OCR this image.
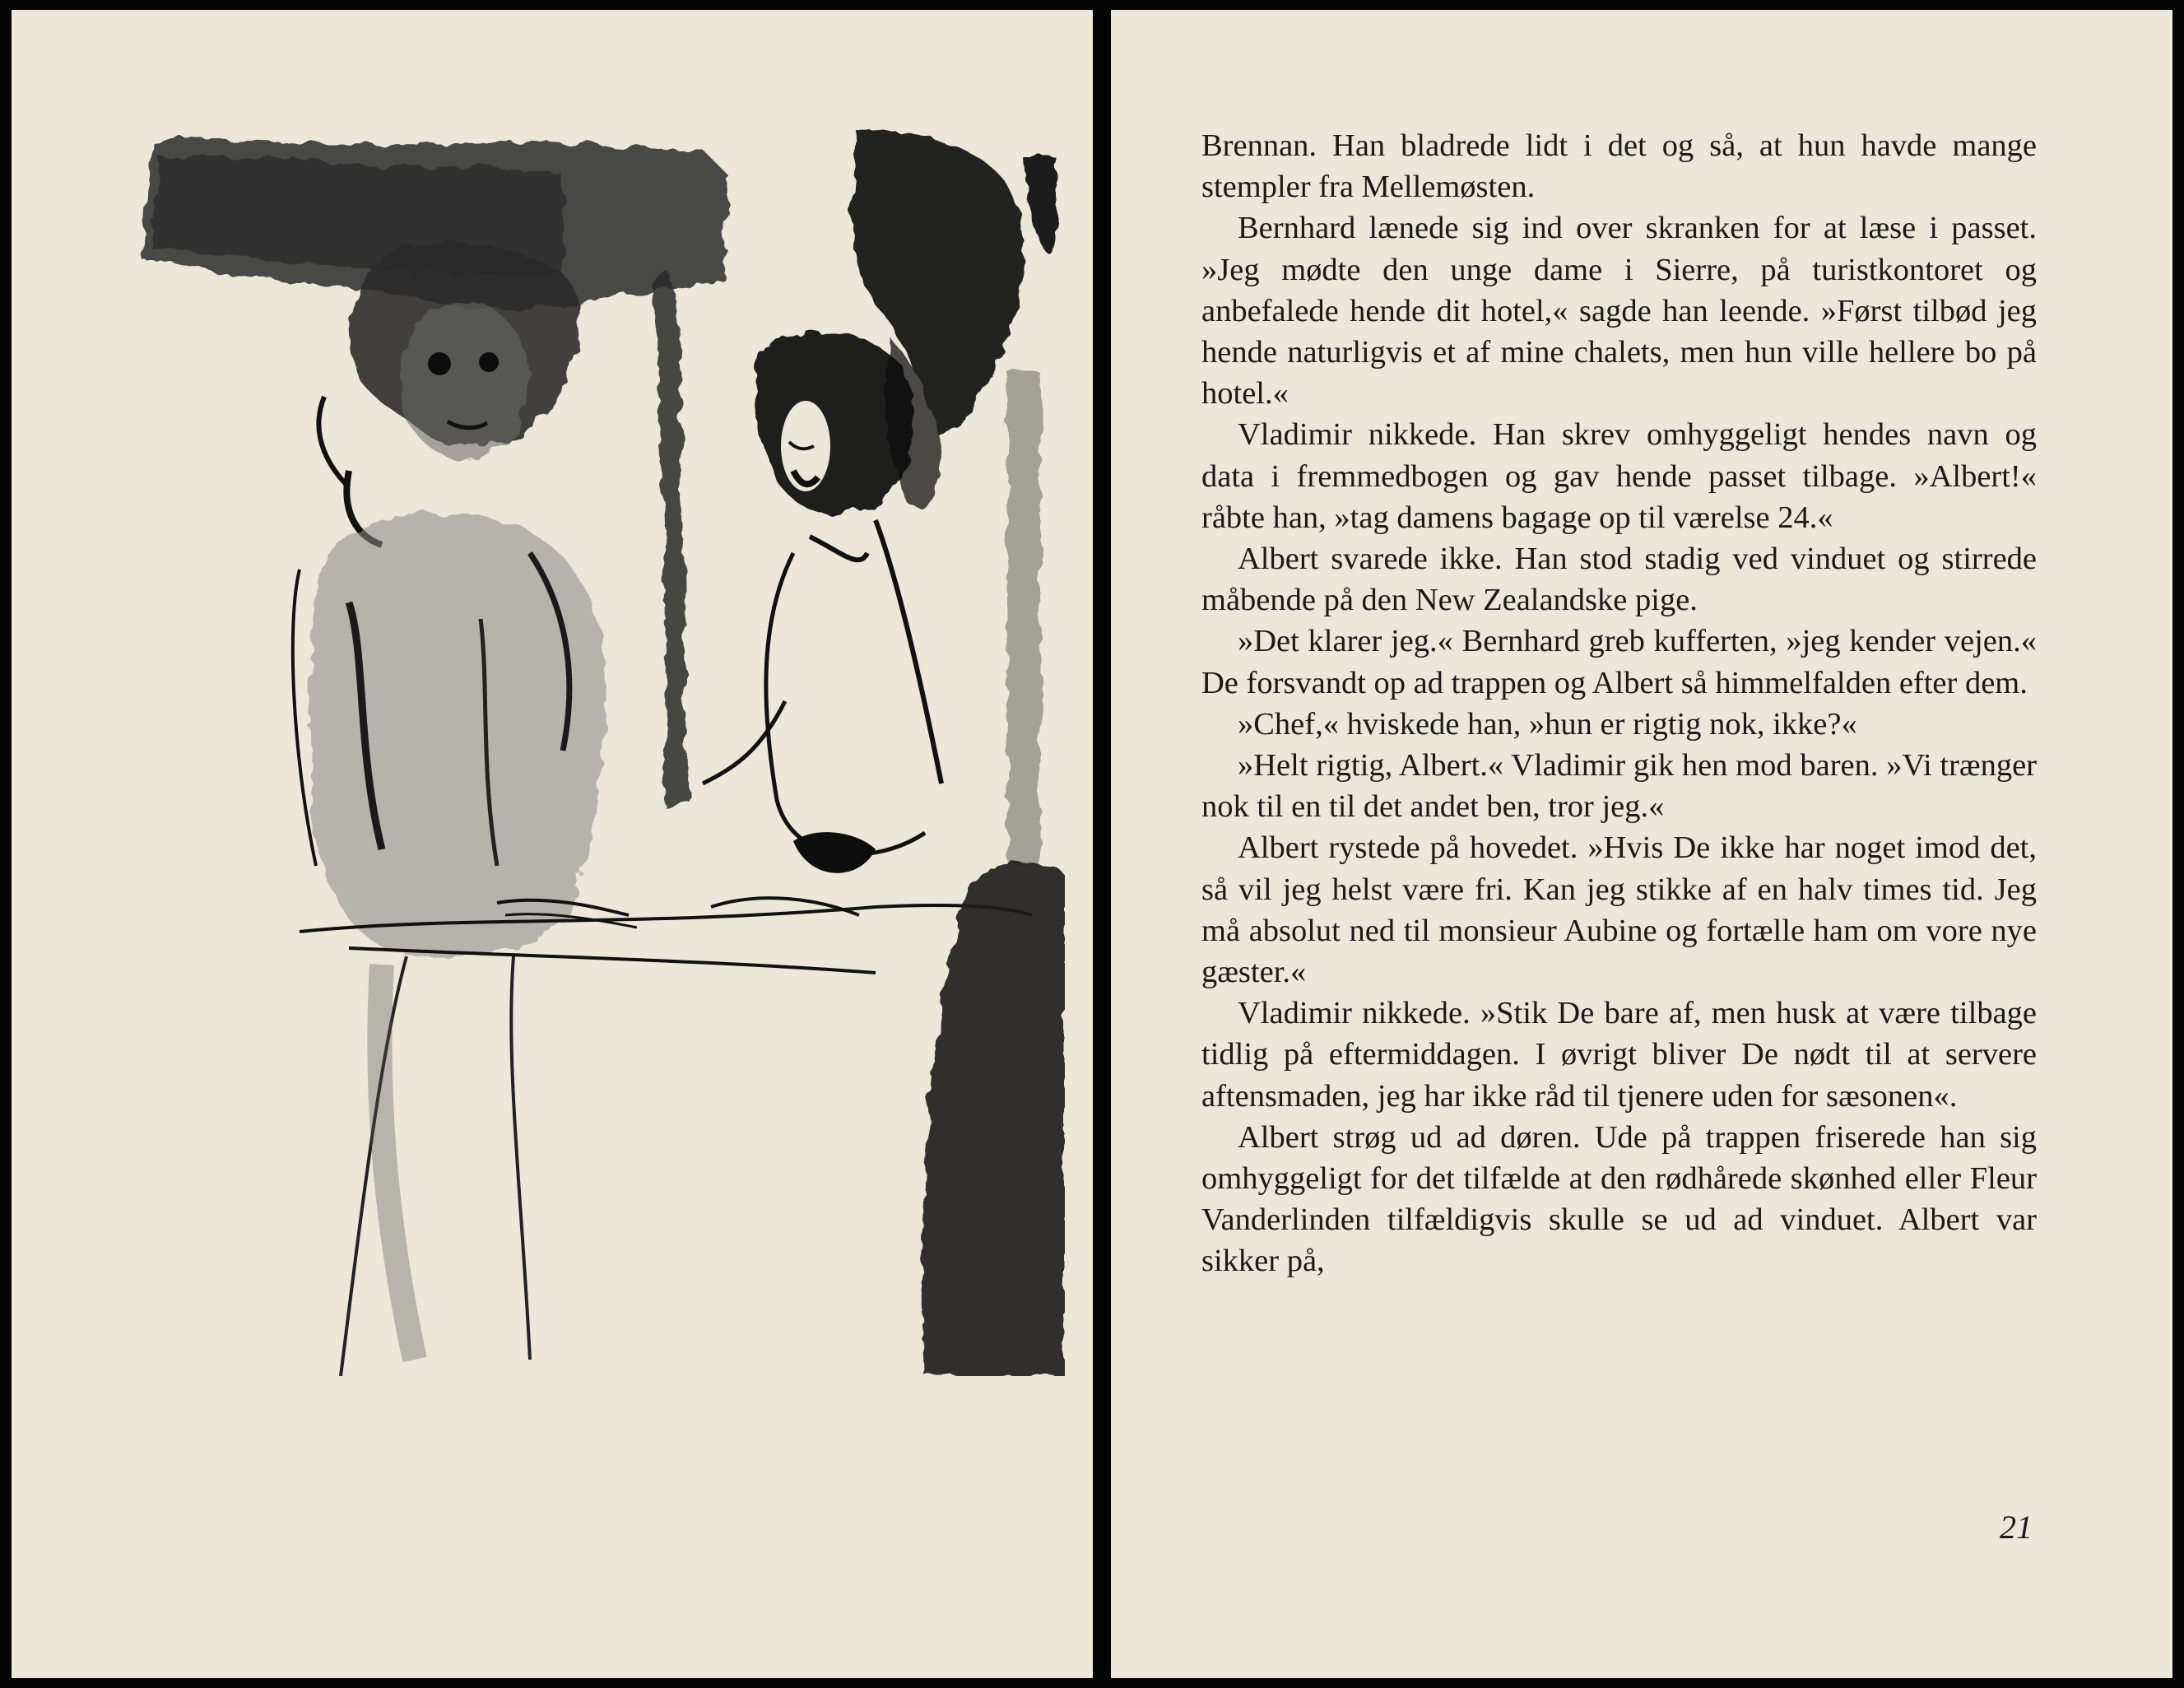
Brennan. Han bladrede lidt i det og så, at hun havde mange stempler fra Mellemøsten.

Bernhard lænede sig ind over skranken for at læse i passet. »Jeg mødte den unge dame i Sierre, på turistkontoret og anbefalede hende dit hotel,« sagde han leende. »Først tilbød jeg hende naturligvis et af mine chalets, men hun ville hellere bo på hotel.«

Vladimir nikkede. Han skrev omhyggeligt hendes navn og data i fremmedbogen og gav hende passet tilbage. »Albert!« råbte han, »tag damens bagage op til værelse 24.«

Albert svarede ikke. Han stod stadig ved vinduet og stirrede måbende på den New Zealandske pige.

»Det klarer jeg.« Bernhard greb kufferten, »jeg kender vejen.« De forsvandt op ad trappen og Albert så himmelfalden efter dem.

»Chef,« hviskede han, »hun er rigtig nok, ikke?«

»Helt rigtig, Albert.« Vladimir gik hen mod baren. »Vi trænger nok til en til det andet ben, tror jeg.«

Albert rystede på hovedet. »Hvis De ikke har noget imod det, så vil jeg helst være fri. Kan jeg stikke af en halv times tid. Jeg må absolut ned til monsieur Aubine og fortælle ham om vore nye gæster.«

Vladimir nikkede. »Stik De bare af, men husk at være tilbage tidlig på eftermiddagen. I øvrigt bliver De nødt til at servere aftensmaden, jeg har ikke råd til tjenere uden for sæsonen«.

Albert strøg ud ad døren. Ude på trappen friserede han sig omhyggeligt for det tilfælde at den rødhårede skønhed eller Fleur Vanderlinden tilfældigvis skulle se ud ad vinduet. Albert var sikker på,

21
